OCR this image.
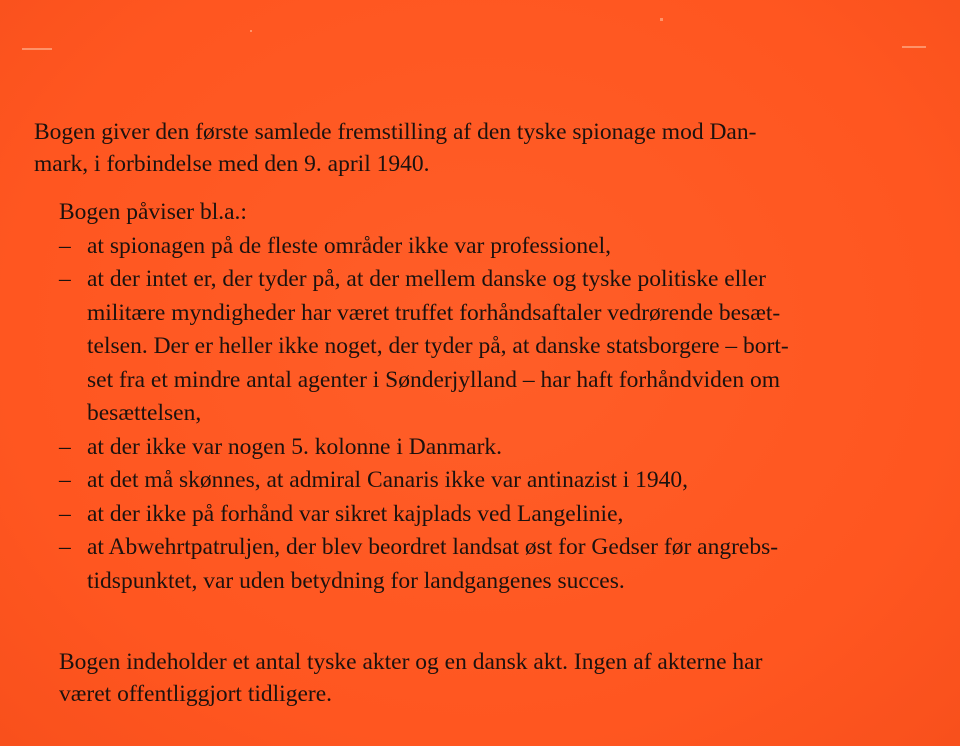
Bogen giver den første samlede fremstilling af den tyske spionage mod Dan-
mark, i forbindelse med den 9. april 1940.

Bogen påviser bl.a.:
– at spionagen på de fleste områder ikke var professionel,
– at der intet er, der tyder på, at der mellem danske og tyske politiske eller
militære myndigheder har været truffet forhåndsaftaler vedrørende besæt-
telsen. Der er heller ikke noget, der tyder på, at danske statsborgere – bort-
set fra et mindre antal agenter i Sønderjylland – har haft forhåndviden om
besættelsen,
– at der ikke var nogen 5. kolonne i Danmark.
– at det må skønnes, at admiral Canaris ikke var antinazist i 1940,
– at der ikke på forhånd var sikret kajplads ved Langelinie,
– at Abwehrtpatruljen, der blev beordret landsat øst for Gedser før angrebs-
tidspunktet, var uden betydning for landgangenes succes.

Bogen indeholder et antal tyske akter og en dansk akt. Ingen af akterne har
været offentliggjort tidligere.
